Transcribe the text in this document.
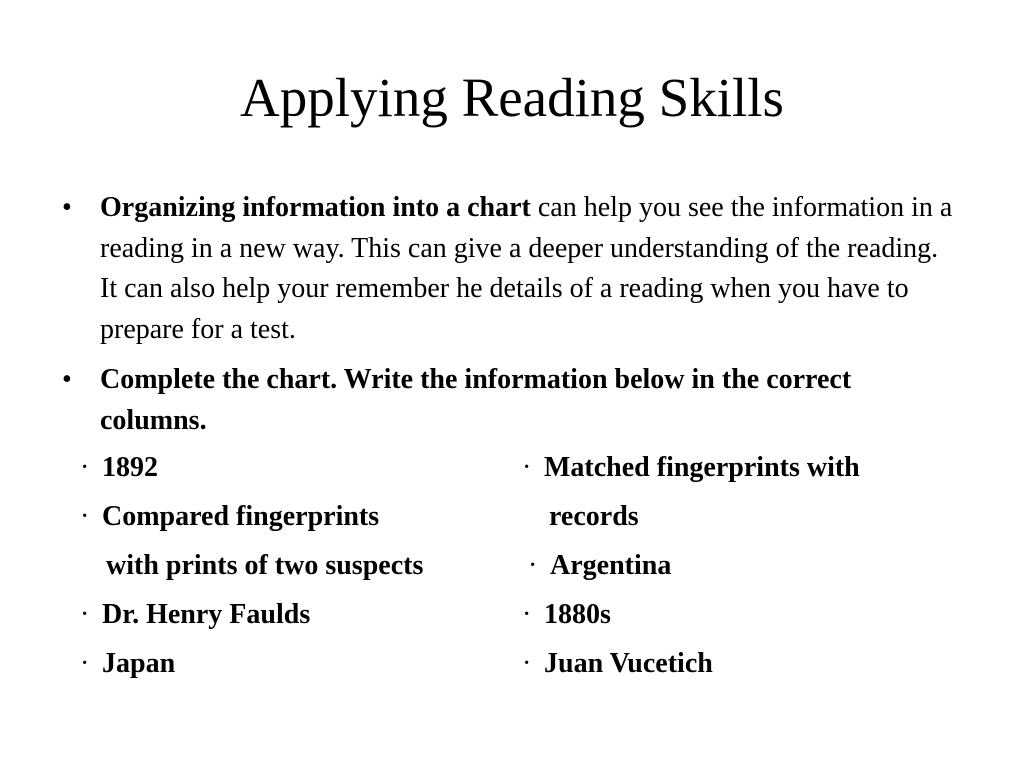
Applying Reading Skills
• Organizing information into a chart can help you see the information in a reading in a new way. This can give a deeper understanding of the reading. It can also help your remember he details of a reading when you have to prepare for a test.
• Complete the chart. Write the information below in the correct columns.
· 1892
· Compared fingerprints
with prints of two suspects
· Dr. Henry Faulds
· Japan
· Matched fingerprints with
records
· Argentina
· 1880s
· Juan Vucetich
